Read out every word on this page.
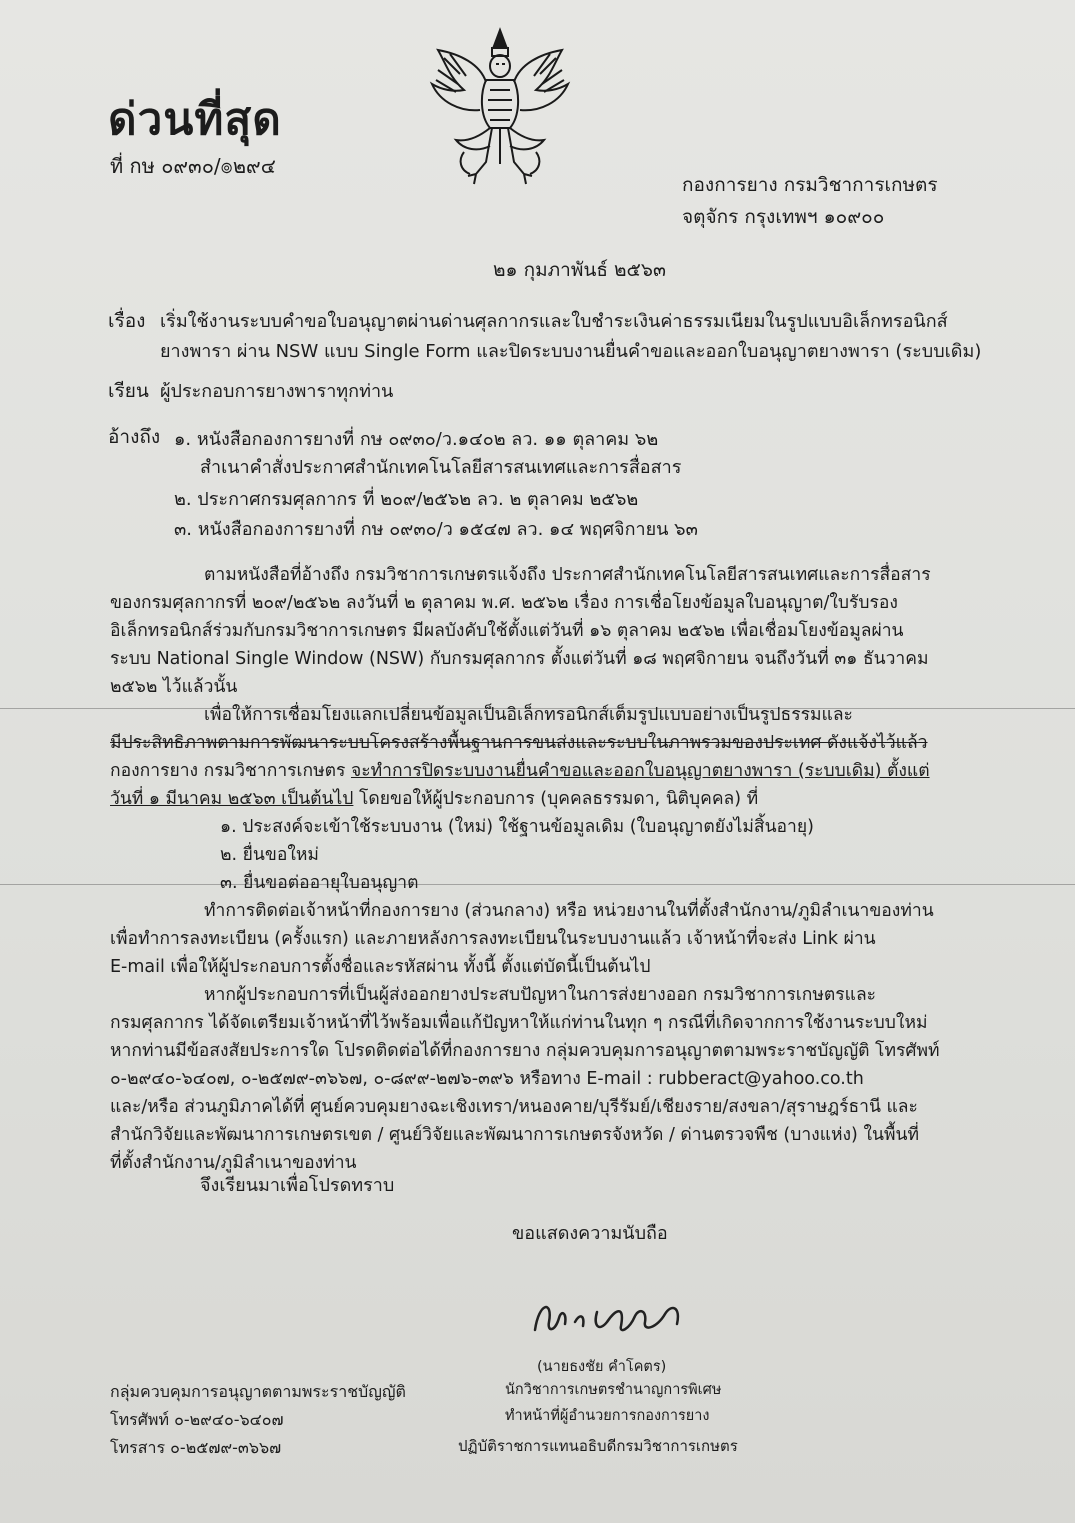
ด่วนที่สุด
ที่ กษ ๐๙๓๐/๏๒๙๔
กองการยาง กรมวิชาการเกษตร
จตุจักร กรุงเทพฯ ๑๐๙๐๐
๒๑ กุมภาพันธ์ ๒๕๖๓
เรื่อง เริ่มใช้งานระบบคำขอใบอนุญาตผ่านด่านศุลกากรและใบชำระเงินค่าธรรมเนียมในรูปแบบอิเล็กทรอนิกส์
ยางพารา ผ่าน NSW แบบ Single Form และปิดระบบงานยื่นคำขอและออกใบอนุญาตยางพารา (ระบบเดิม)
เรียน ผู้ประกอบการยางพาราทุกท่าน
อ้างถึง ๑. หนังสือกองการยางที่ กษ ๐๙๓๐/ว.๑๔๐๒ ลว. ๑๑ ตุลาคม ๖๒
สำเนาคำสั่งประกาศสำนักเทคโนโลยีสารสนเทศและการสื่อสาร
๒. ประกาศกรมศุลกากร ที่ ๒๐๙/๒๕๖๒ ลว. ๒ ตุลาคม ๒๕๖๒
๓. หนังสือกองการยางที่ กษ ๐๙๓๐/ว ๑๕๔๗ ลว. ๑๔ พฤศจิกายน ๖๓
ตามหนังสือที่อ้างถึง กรมวิชาการเกษตรแจ้งถึง ประกาศสำนักเทคโนโลยีสารสนเทศและการสื่อสาร
ของกรมศุลกากรที่ ๒๐๙/๒๕๖๒ ลงวันที่ ๒ ตุลาคม พ.ศ. ๒๕๖๒ เรื่อง การเชื่อโยงข้อมูลใบอนุญาต/ใบรับรอง
อิเล็กทรอนิกส์ร่วมกับกรมวิชาการเกษตร มีผลบังคับใช้ตั้งแต่วันที่ ๑๖ ตุลาคม ๒๕๖๒ เพื่อเชื่อมโยงข้อมูลผ่าน
ระบบ National Single Window (NSW) กับกรมศุลกากร ตั้งแต่วันที่ ๑๘ พฤศจิกายน จนถึงวันที่ ๓๑ ธันวาคม
๒๕๖๒ ไว้แล้วนั้น
เพื่อให้การเชื่อมโยงแลกเปลี่ยนข้อมูลเป็นอิเล็กทรอนิกส์เต็มรูปแบบอย่างเป็นรูปธรรมและ
มีประสิทธิภาพตามการพัฒนาระบบโครงสร้างพื้นฐานการขนส่งและระบบในภาพรวมของประเทศ ดังแจ้งไว้แล้ว
กองการยาง กรมวิชาการเกษตร จะทำการปิดระบบงานยื่นคำขอและออกใบอนุญาตยางพารา (ระบบเดิม) ตั้งแต่
วันที่ ๑ มีนาคม ๒๕๖๓ เป็นต้นไป โดยขอให้ผู้ประกอบการ (บุคคลธรรมดา, นิติบุคคล) ที่
๑. ประสงค์จะเข้าใช้ระบบงาน (ใหม่) ใช้ฐานข้อมูลเดิม (ใบอนุญาตยังไม่สิ้นอายุ)
๒. ยื่นขอใหม่
๓. ยื่นขอต่ออายุใบอนุญาต
ทำการติดต่อเจ้าหน้าที่กองการยาง (ส่วนกลาง) หรือ หน่วยงานในที่ตั้งสำนักงาน/ภูมิลำเนาของท่าน
เพื่อทำการลงทะเบียน (ครั้งแรก) และภายหลังการลงทะเบียนในระบบงานแล้ว เจ้าหน้าที่จะส่ง Link ผ่าน
E-mail เพื่อให้ผู้ประกอบการตั้งชื่อและรหัสผ่าน ทั้งนี้ ตั้งแต่บัดนี้เป็นต้นไป
หากผู้ประกอบการที่เป็นผู้ส่งออกยางประสบปัญหาในการส่งยางออก กรมวิชาการเกษตรและ
กรมศุลกากร ได้จัดเตรียมเจ้าหน้าที่ไว้พร้อมเพื่อแก้ปัญหาให้แก่ท่านในทุก ๆ กรณีที่เกิดจากการใช้งานระบบใหม่
หากท่านมีข้อสงสัยประการใด โปรดติดต่อได้ที่กองการยาง กลุ่มควบคุมการอนุญาตตามพระราชบัญญัติ โทรศัพท์
๐-๒๙๔๐-๖๔๐๗, ๐-๒๕๗๙-๓๖๖๗, ๐-๘๙๙-๒๗๖-๓๙๖ หรือทาง E-mail : rubberact@yahoo.co.th
และ/หรือ ส่วนภูมิภาคได้ที่ ศูนย์ควบคุมยางฉะเชิงเทรา/หนองคาย/บุรีรัมย์/เชียงราย/สงขลา/สุราษฎร์ธานี และ
สำนักวิจัยและพัฒนาการเกษตรเขต / ศูนย์วิจัยและพัฒนาการเกษตรจังหวัด / ด่านตรวจพืช (บางแห่ง) ในพื้นที่
ที่ตั้งสำนักงาน/ภูมิลำเนาของท่าน
จึงเรียนมาเพื่อโปรดทราบ
ขอแสดงความนับถือ
(นายธงชัย คำโคตร)
นักวิชาการเกษตรชำนาญการพิเศษ
ทำหน้าที่ผู้อำนวยการกองการยาง
ปฏิบัติราชการแทนอธิบดีกรมวิชาการเกษตร
กลุ่มควบคุมการอนุญาตตามพระราชบัญญัติ
โทรศัพท์ ๐-๒๙๔๐-๖๔๐๗
โทรสาร ๐-๒๕๗๙-๓๖๖๗
